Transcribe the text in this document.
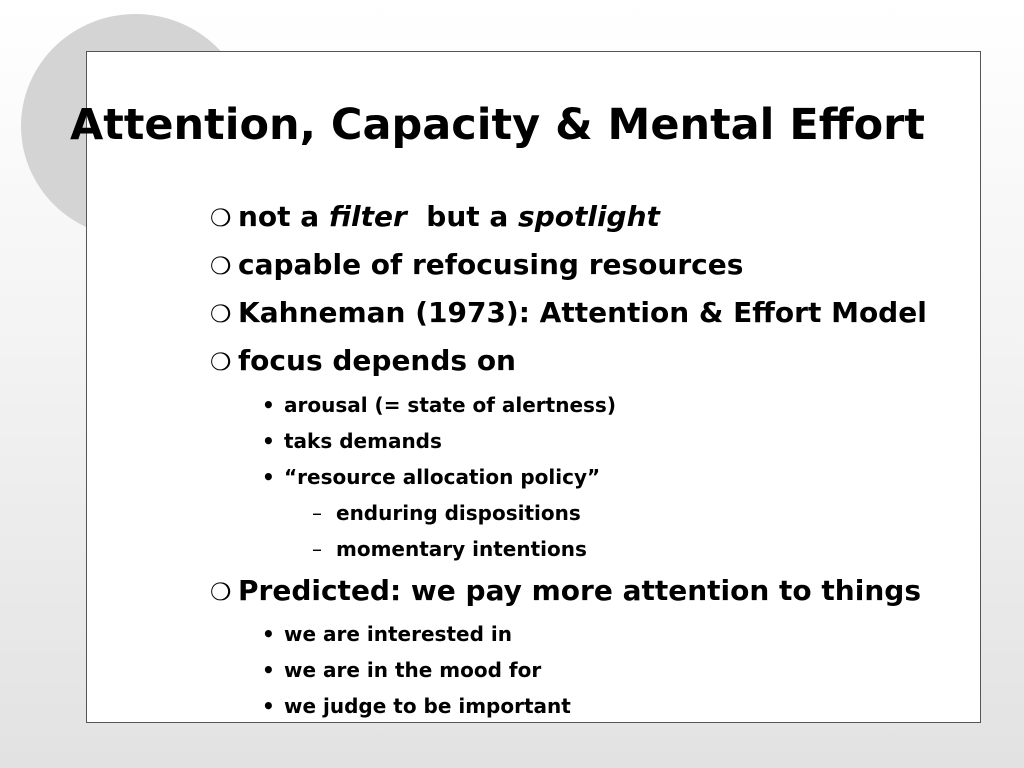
Attention, Capacity & Mental Effort
❍ not a filter  but a spotlight
❍ capable of refocusing resources
❍ Kahneman (1973): Attention & Effort Model
❍ focus depends on
• arousal (= state of alertness)
• taks demands
• “resource allocation policy”
– enduring dispositions
– momentary intentions
❍ Predicted: we pay more attention to things
• we are interested in
• we are in the mood for
• we judge to be important
